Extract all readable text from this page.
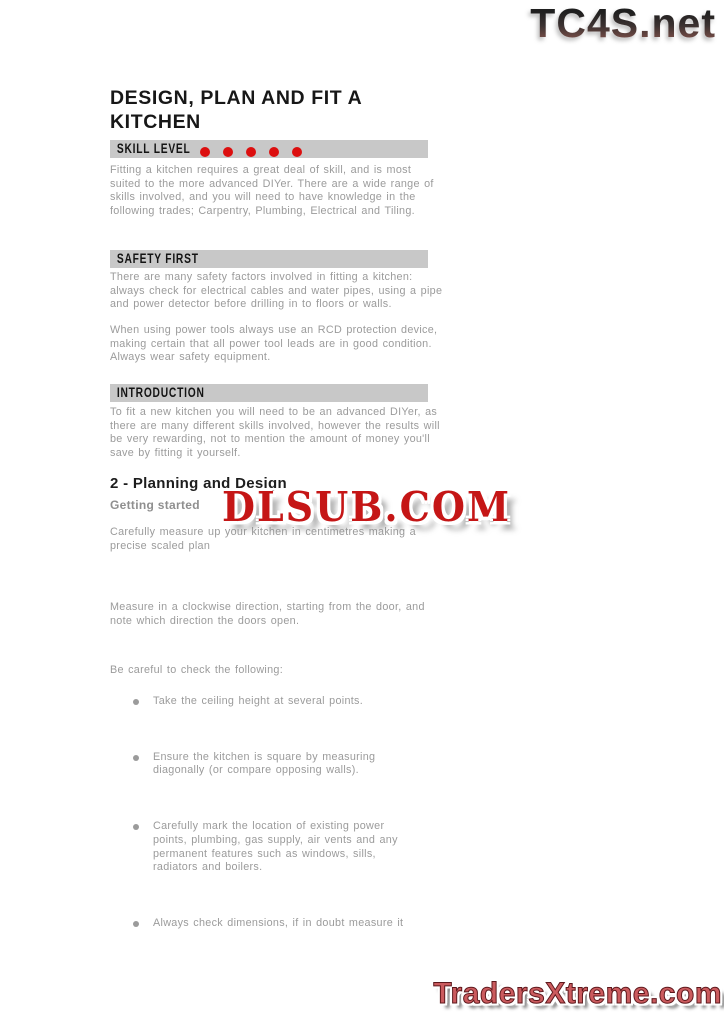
TC4S.net
DESIGN, PLAN AND FIT A KITCHEN
SKILL LEVEL

Fitting a kitchen requires a great deal of skill, and is most suited to the more advanced DIYer. There are a wide range of skills involved, and you will need to have knowledge in the following trades; Carpentry, Plumbing, Electrical and Tiling.

SAFETY FIRST

There are many safety factors involved in fitting a kitchen: always check for electrical cables and water pipes, using a pipe and power detector before drilling in to floors or walls.

When using power tools always use an RCD protection device, making certain that all power tool leads are in good condition. Always wear safety equipment.

INTRODUCTION

To fit a new kitchen you will need to be an advanced DIYer, as there are many different skills involved, however the results will be very rewarding, not to mention the amount of money you'll save by fitting it yourself.

2 - Planning and Design
Getting started

Carefully measure up your kitchen in centimetres making a precise scaled plan

Measure in a clockwise direction, starting from the door, and note which direction the doors open.

Be careful to check the following:

Take the ceiling height at several points.
Ensure the kitchen is square by measuring diagonally (or compare opposing walls).
Carefully mark the location of existing power points, plumbing, gas supply, air vents and any permanent features such as windows, sills, radiators and boilers.
Always check dimensions, if in doubt measure it
DLSUB.COM
TradersXtreme.com
